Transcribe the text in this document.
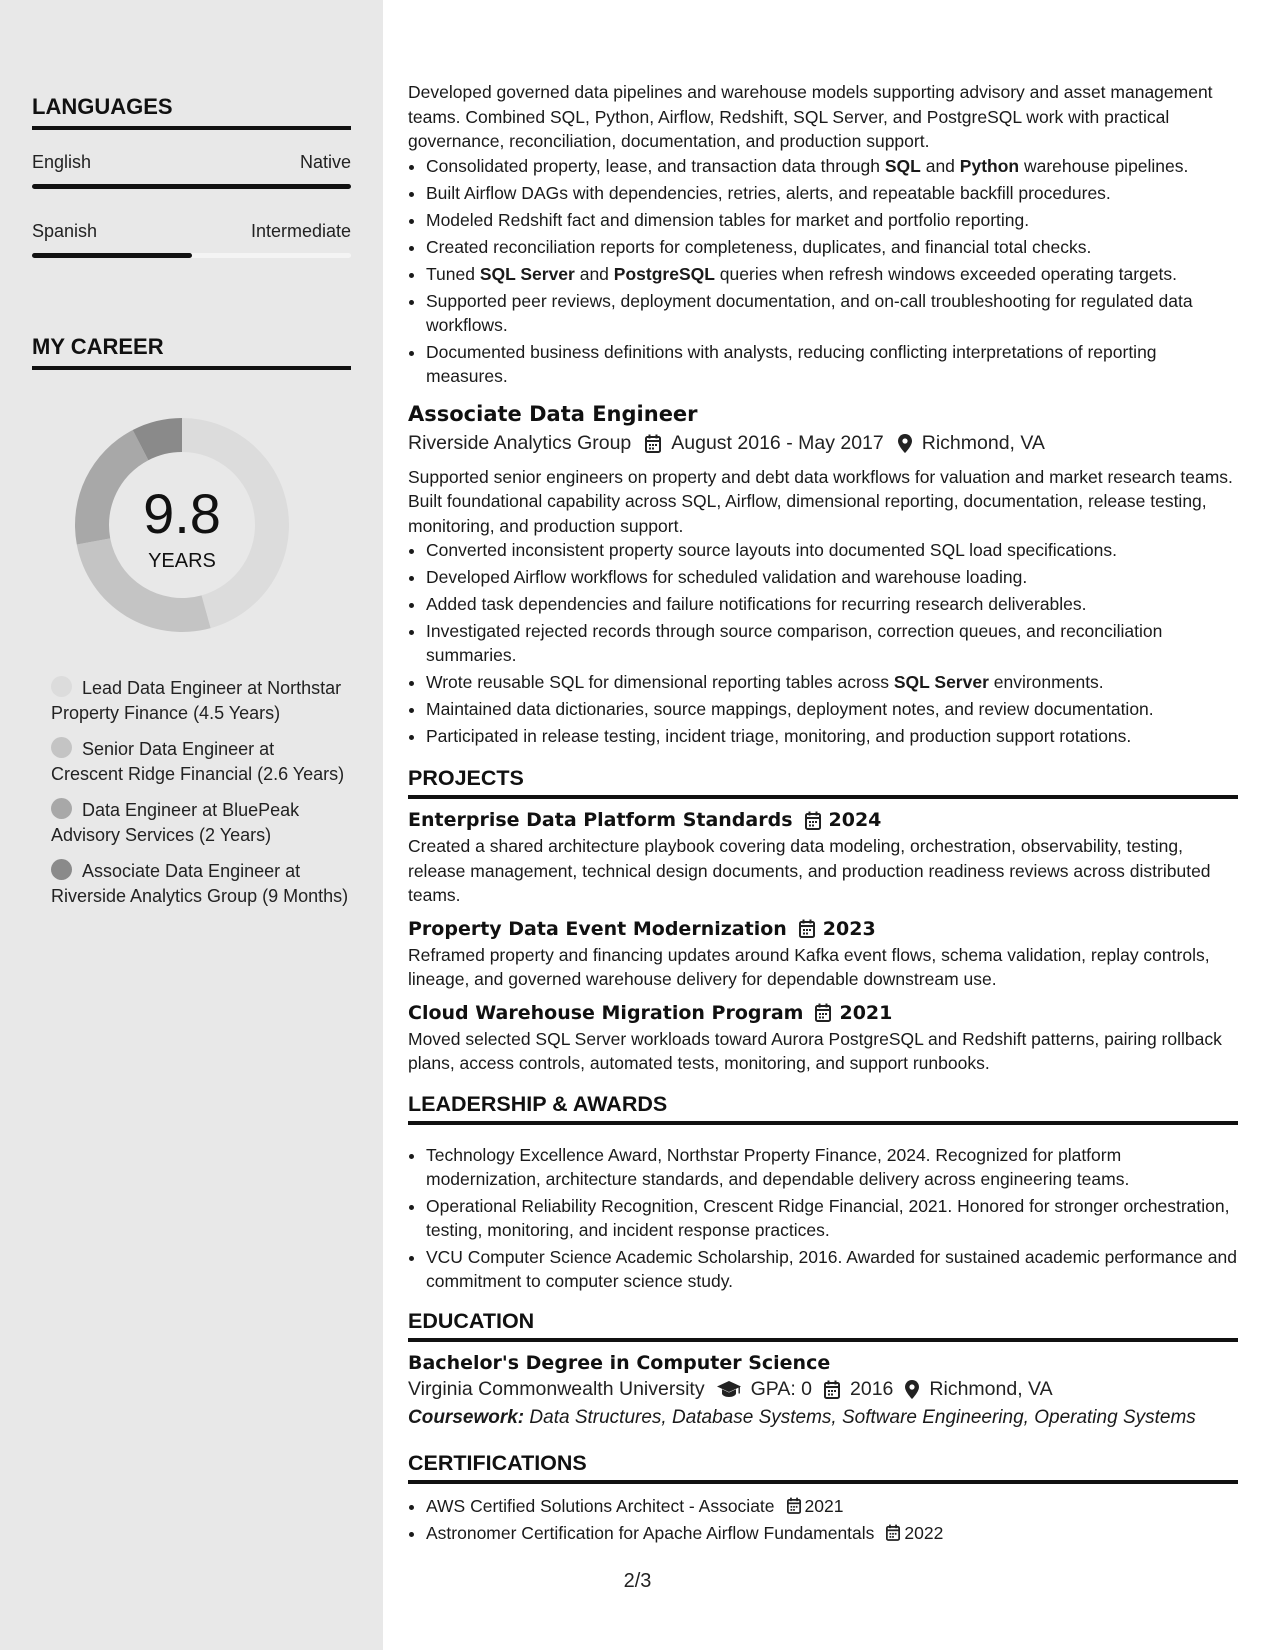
LANGUAGES
English	Native
Spanish	Intermediate
MY CAREER
9.8
YEARS
Lead Data Engineer at Northstar Property Finance (4.5 Years)
Senior Data Engineer at Crescent Ridge Financial (2.6 Years)
Data Engineer at BluePeak Advisory Services (2 Years)
Associate Data Engineer at Riverside Analytics Group (9 Months)

Developed governed data pipelines and warehouse models supporting advisory and asset management teams. Combined SQL, Python, Airflow, Redshift, SQL Server, and PostgreSQL work with practical governance, reconciliation, documentation, and production support.

• Consolidated property, lease, and transaction data through SQL and Python warehouse pipelines.
• Built Airflow DAGs with dependencies, retries, alerts, and repeatable backfill procedures.
• Modeled Redshift fact and dimension tables for market and portfolio reporting.
• Created reconciliation reports for completeness, duplicates, and financial total checks.
• Tuned SQL Server and PostgreSQL queries when refresh windows exceeded operating targets.
• Supported peer reviews, deployment documentation, and on-call troubleshooting for regulated data workflows.
• Documented business definitions with analysts, reducing conflicting interpretations of reporting measures.
Associate Data Engineer
Riverside Analytics Group August 2016 - May 2017 Richmond, VA

Supported senior engineers on property and debt data workflows for valuation and market research teams. Built foundational capability across SQL, Airflow, dimensional reporting, documentation, release testing, monitoring, and production support.

• Converted inconsistent property source layouts into documented SQL load specifications.
• Developed Airflow workflows for scheduled validation and warehouse loading.
• Added task dependencies and failure notifications for recurring research deliverables.
• Investigated rejected records through source comparison, correction queues, and reconciliation summaries.
• Wrote reusable SQL for dimensional reporting tables across SQL Server environments.
• Maintained data dictionaries, source mappings, deployment notes, and review documentation.
• Participated in release testing, incident triage, monitoring, and production support rotations.
PROJECTS
Enterprise Data Platform Standards 2024

Created a shared architecture playbook covering data modeling, orchestration, observability, testing, release management, technical design documents, and production readiness reviews across distributed teams.

Property Data Event Modernization 2023

Reframed property and financing updates around Kafka event flows, schema validation, replay controls, lineage, and governed warehouse delivery for dependable downstream use.

Cloud Warehouse Migration Program 2021

Moved selected SQL Server workloads toward Aurora PostgreSQL and Redshift patterns, pairing rollback plans, access controls, automated tests, monitoring, and support runbooks.

LEADERSHIP & AWARDS
• Technology Excellence Award, Northstar Property Finance, 2024. Recognized for platform modernization, architecture standards, and dependable delivery across engineering teams.
• Operational Reliability Recognition, Crescent Ridge Financial, 2021. Honored for stronger orchestration, testing, monitoring, and incident response practices.
• VCU Computer Science Academic Scholarship, 2016. Awarded for sustained academic performance and commitment to computer science study.
EDUCATION
Bachelor's Degree in Computer Science
Virginia Commonwealth University GPA: 0 2016 Richmond, VA
Coursework: Data Structures, Database Systems, Software Engineering, Operating Systems
CERTIFICATIONS
• AWS Certified Solutions Architect - Associate 2021
• Astronomer Certification for Apache Airflow Fundamentals 2022
2/3
